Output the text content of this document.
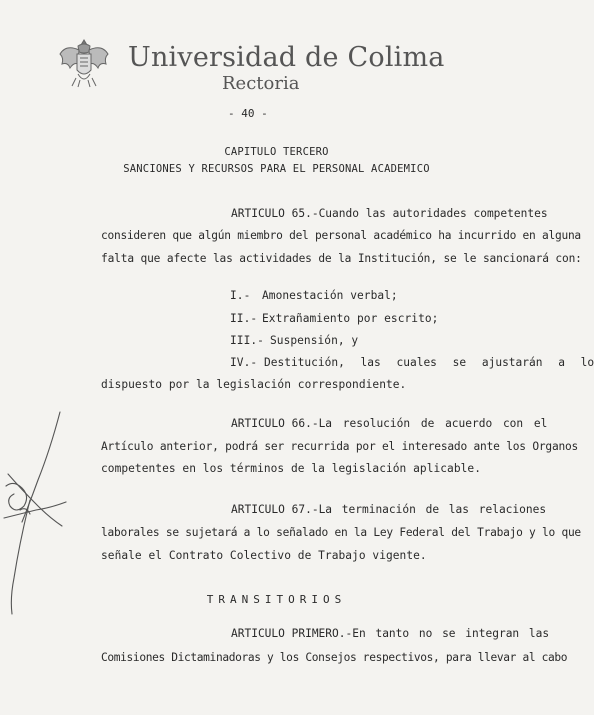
Universidad de Colima
Rectoria
- 40 -
CAPITULO TERCERO
SANCIONES Y RECURSOS PARA EL PERSONAL ACADEMICO
ARTICULO 65.- Cuando las autoridades competentes
consideren que algún miembro del personal académico ha incurrido en alguna
falta que afecte las actividades de la Institución, se le sancionará con:
I.- Amonestación verbal;
II.- Extrañamiento por escrito;
III.- Suspensión, y
IV.- Destitución, las cuales se ajustarán a lo
dispuesto por la legislación correspondiente.
ARTICULO 66.- La resolución de acuerdo con el
Artículo anterior, podrá ser recurrida por el interesado ante los Organos
competentes en los términos de la legislación aplicable.
ARTICULO 67.- La terminación de las relaciones
laborales se sujetará a lo señalado en la Ley Federal del Trabajo y lo que
señale el Contrato Colectivo de Trabajo vigente.
TRANSITORIOS
ARTICULO PRIMERO.- En tanto no se integran las
Comisiones Dictaminadoras y los Consejos respectivos, para llevar al cabo
